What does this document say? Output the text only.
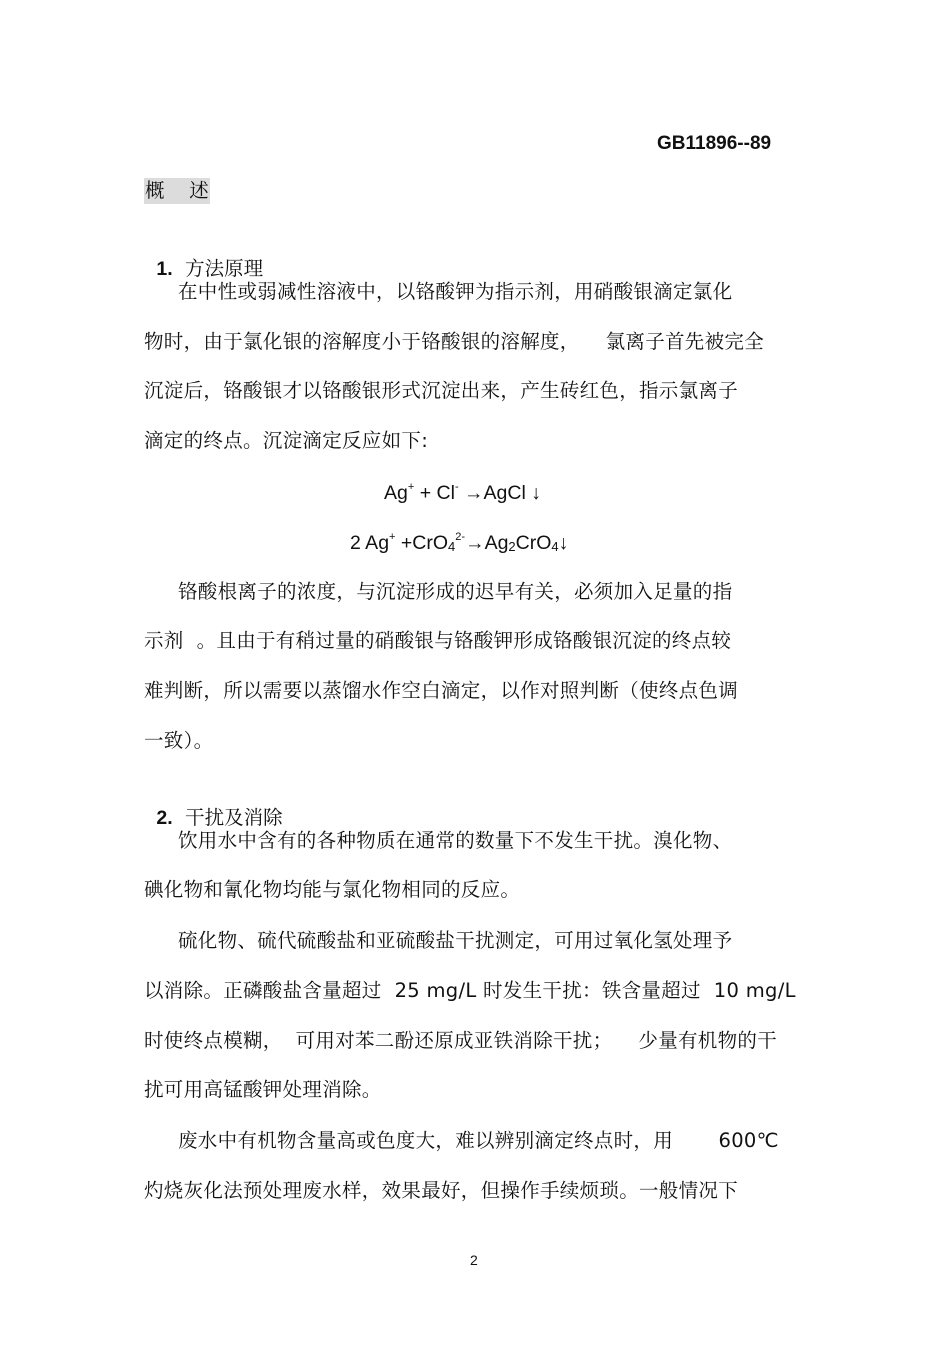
GB11896--89
概    述

1. 方法原理

在中性或弱减性溶液中，以铬酸钾为指示剂，用硝酸银滴定氯化
物时，由于氯化银的溶解度小于铬酸银的溶解度，    氯离子首先被完全
沉淀后，铬酸银才以铬酸银形式沉淀出来，产生砖红色，指示氯离子
滴定的终点。沉淀滴定反应如下:
Ag+ + Cl- →AgCl ↓
2 $Ag^+ +CrO_4^{2-}\to Ag_2CrO_4↓$
铬酸根离子的浓度，与沉淀形成的迟早有关，必须加入足量的指
示剂  。且由于有稍过量的硝酸银与铬酸钾形成铬酸银沉淀的终点较
难判断，所以需要以蒸馏水作空白滴定，以作对照判断（使终点色调
一致）。

2. 干扰及消除

饮用水中含有的各种物质在通常的数量下不发生干扰。溴化物、
碘化物和氰化物均能与氯化物相同的反应。
硫化物、硫代硫酸盐和亚硫酸盐干扰测定，可用过氧化氢处理予
以消除。正磷酸盐含量超过  25 mg/L 时发生干扰：铁含量超过  10 mg/L
时使终点模糊，  可用对苯二酚还原成亚铁消除干扰；    少量有机物的干
扰可用高锰酸钾处理消除。
废水中有机物含量高或色度大，难以辨别滴定终点时，用       600℃
灼烧灰化法预处理废水样，效果最好，但操作手续烦琐。一般情况下
2
